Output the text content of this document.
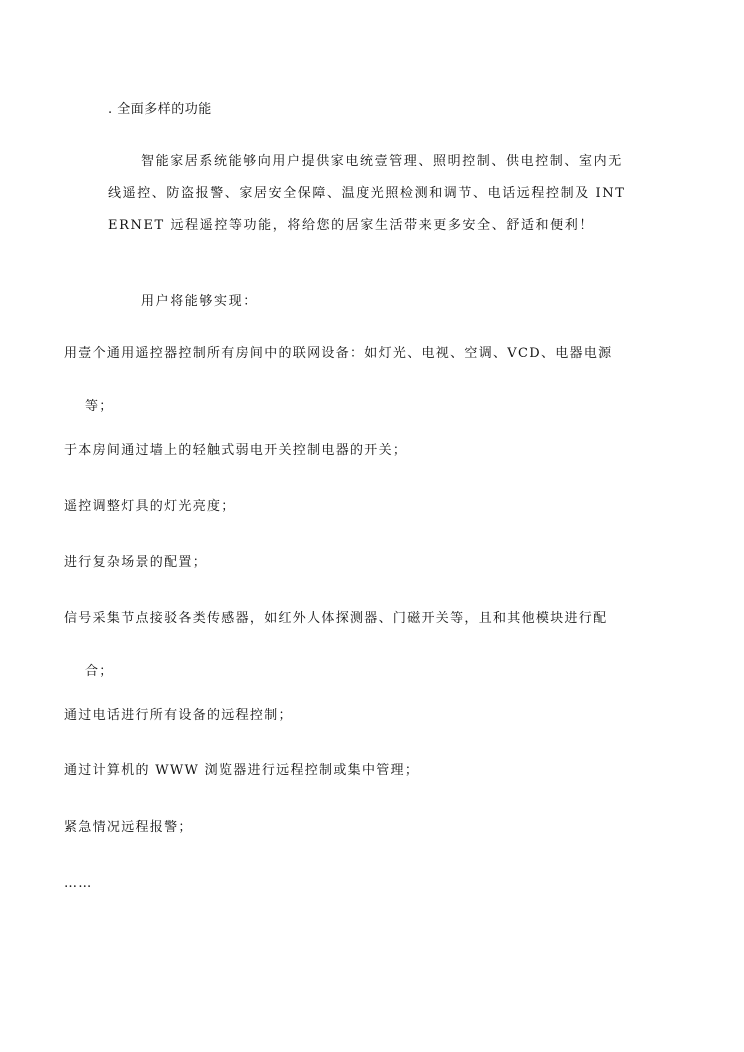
. 全面多样的功能

智能家居系统能够向用户提供家电统壹管理、照明控制、供电控制、室内无线遥控、防盗报警、家居安全保障、温度光照检测和调节、电话远程控制及 INTERNET 远程遥控等功能，将给您的居家生活带来更多安全、舒适和便利！

用户将能够实现：

用壹个通用遥控器控制所有房间中的联网设备：如灯光、电视、空调、VCD、电器电源
等；
于本房间通过墙上的轻触式弱电开关控制电器的开关；
遥控调整灯具的灯光亮度；
进行复杂场景的配置；
信号采集节点接驳各类传感器，如红外人体探测器、门磁开关等，且和其他模块进行配
合；
通过电话进行所有设备的远程控制；
通过计算机的 WWW 浏览器进行远程控制或集中管理；
紧急情况远程报警；
……
